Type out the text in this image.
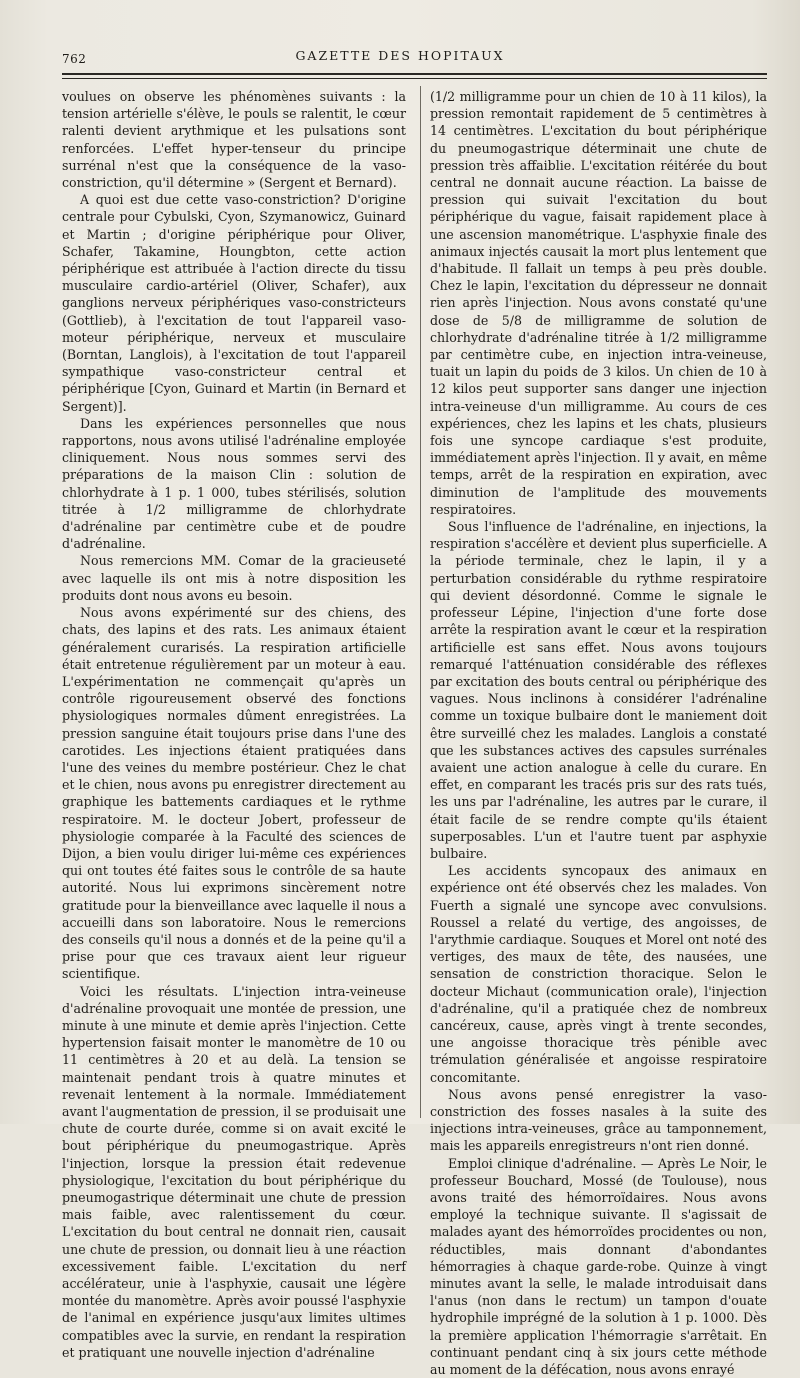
762	GAZETTE DES HOPITAUX

voulues on observe les phénomènes suivants : la tension artérielle s'élève, le pouls se ralentit, le cœur ralenti devient arythmique et les pulsations sont renforcées. L'effet hyper-tenseur du principe surrénal n'est que la conséquence de la vaso-constriction, qu'il détermine » (Sergent et Bernard).

A quoi est due cette vaso-constriction? D'origine centrale pour Cybulski, Cyon, Szymanowicz, Guinard et Martin ; d'origine périphérique pour Oliver, Schafer, Takamine, Houngbton, cette action périphérique est attribuée à l'action directe du tissu musculaire cardio-artériel (Oliver, Schafer), aux ganglions nerveux périphériques vaso-constricteurs (Gottlieb), à l'excitation de tout l'appareil vaso-moteur périphérique, nerveux et musculaire (Borntan, Langlois), à l'excitation de tout l'appareil sympathique vaso-constricteur central et périphérique [Cyon, Guinard et Martin (in Bernard et Sergent)].

Dans les expériences personnelles que nous rapportons, nous avons utilisé l'adrénaline employée cliniquement. Nous nous sommes servi des préparations de la maison Clin : solution de chlorhydrate à 1 p. 1 000, tubes stérilisés, solution titrée à 1/2 milligramme de chlorhydrate d'adrénaline par centimètre cube et de poudre d'adrénaline.

Nous remercions MM. Comar de la gracieuseté avec laquelle ils ont mis à notre disposition les produits dont nous avons eu besoin.

Nous avons expérimenté sur des chiens, des chats, des lapins et des rats. Les animaux étaient généralement curarisés. La respiration artificielle était entretenue régulièrement par un moteur à eau. L'expérimentation ne commençait qu'après un contrôle rigoureusement observé des fonctions physiologiques normales dûment enregistrées. La pression sanguine était toujours prise dans l'une des carotides. Les injections étaient pratiquées dans l'une des veines du membre postérieur. Chez le chat et le chien, nous avons pu enregistrer directement au graphique les battements cardiaques et le rythme respiratoire. M. le docteur Jobert, professeur de physiologie comparée à la Faculté des sciences de Dijon, a bien voulu diriger lui-même ces expériences qui ont toutes été faites sous le contrôle de sa haute autorité. Nous lui exprimons sincèrement notre gratitude pour la bienveillance avec laquelle il nous a accueilli dans son laboratoire. Nous le remercions des conseils qu'il nous a donnés et de la peine qu'il a prise pour que ces travaux aient leur rigueur scientifique.

Voici les résultats. L'injection intra-veineuse d'adrénaline provoquait une montée de pression, une minute à une minute et demie après l'injection. Cette hypertension faisait monter le manomètre de 10 ou 11 centimètres à 20 et au delà. La tension se maintenait pendant trois à quatre minutes et revenait lentement à la normale. Immédiatement avant l'augmentation de pression, il se produisait une chute de courte durée, comme si on avait excité le bout périphérique du pneumogastrique. Après l'injection, lorsque la pression était redevenue physiologique, l'excitation du bout périphérique du pneumogastrique déterminait une chute de pression mais faible, avec ralentissement du cœur. L'excitation du bout central ne donnait rien, causait une chute de pression, ou donnait lieu à une réaction excessivement faible. L'excitation du nerf accélérateur, unie à l'asphyxie, causait une légère montée du manomètre. Après avoir poussé l'asphyxie de l'animal en expérience jusqu'aux limites ultimes compatibles avec la survie, en rendant la respiration et pratiquant une nouvelle injection d'adrénaline

(1/2 milligramme pour un chien de 10 à 11 kilos), la pression remontait rapidement de 5 centimètres à 14 centimètres. L'excitation du bout périphérique du pneumogastrique déterminait une chute de pression très affaiblie. L'excitation réitérée du bout central ne donnait aucune réaction. La baisse de pression qui suivait l'excitation du bout périphérique du vague, faisait rapidement place à une ascension manométrique. L'asphyxie finale des animaux injectés causait la mort plus lentement que d'habitude. Il fallait un temps à peu près double. Chez le lapin, l'excitation du dépresseur ne donnait rien après l'injection. Nous avons constaté qu'une dose de 5/8 de milligramme de solution de chlorhydrate d'adrénaline titrée à 1/2 milligramme par centimètre cube, en injection intra-veineuse, tuait un lapin du poids de 3 kilos. Un chien de 10 à 12 kilos peut supporter sans danger une injection intra-veineuse d'un milligramme. Au cours de ces expériences, chez les lapins et les chats, plusieurs fois une syncope cardiaque s'est produite, immédiatement après l'injection. Il y avait, en même temps, arrêt de la respiration en expiration, avec diminution de l'amplitude des mouvements respiratoires.

Sous l'influence de l'adrénaline, en injections, la respiration s'accélère et devient plus superficielle. A la période terminale, chez le lapin, il y a perturbation considérable du rythme respiratoire qui devient désordonné. Comme le signale le professeur Lépine, l'injection d'une forte dose arrête la respiration avant le cœur et la respiration artificielle est sans effet. Nous avons toujours remarqué l'atténuation considérable des réflexes par excitation des bouts central ou périphérique des vagues. Nous inclinons à considérer l'adrénaline comme un toxique bulbaire dont le maniement doit être surveillé chez les malades. Langlois a constaté que les substances actives des capsules surrénales avaient une action analogue à celle du curare. En effet, en comparant les tracés pris sur des rats tués, les uns par l'adrénaline, les autres par le curare, il était facile de se rendre compte qu'ils étaient superposables. L'un et l'autre tuent par asphyxie bulbaire.

Les accidents syncopaux des animaux en expérience ont été observés chez les malades. Von Fuerth a signalé une syncope avec convulsions. Roussel a relaté du vertige, des angoisses, de l'arythmie cardiaque. Souques et Morel ont noté des vertiges, des maux de tête, des nausées, une sensation de constriction thoracique. Selon le docteur Michaut (communication orale), l'injection d'adrénaline, qu'il a pratiquée chez de nombreux cancéreux, cause, après vingt à trente secondes, une angoisse thoracique très pénible avec trémulation généralisée et angoisse respiratoire concomitante.

Nous avons pensé enregistrer la vaso-constriction des fosses nasales à la suite des injections intra-veineuses, grâce au tamponnement, mais les appareils enregistreurs n'ont rien donné.

Emploi clinique d'adrénaline. — Après Le Noir, le professeur Bouchard, Mossé (de Toulouse), nous avons traité des hémorroïdaires. Nous avons employé la technique suivante. Il s'agissait de malades ayant des hémorroïdes procidentes ou non, réductibles, mais donnant d'abondantes hémorragies à chaque garde-robe. Quinze à vingt minutes avant la selle, le malade introduisait dans l'anus (non dans le rectum) un tampon d'ouate hydrophile imprégné de la solution à 1 p. 1000. Dès la première application l'hémorragie s'arrêtait. En continuant pendant cinq à six jours cette méthode au moment de la défécation, nous avons enrayé
